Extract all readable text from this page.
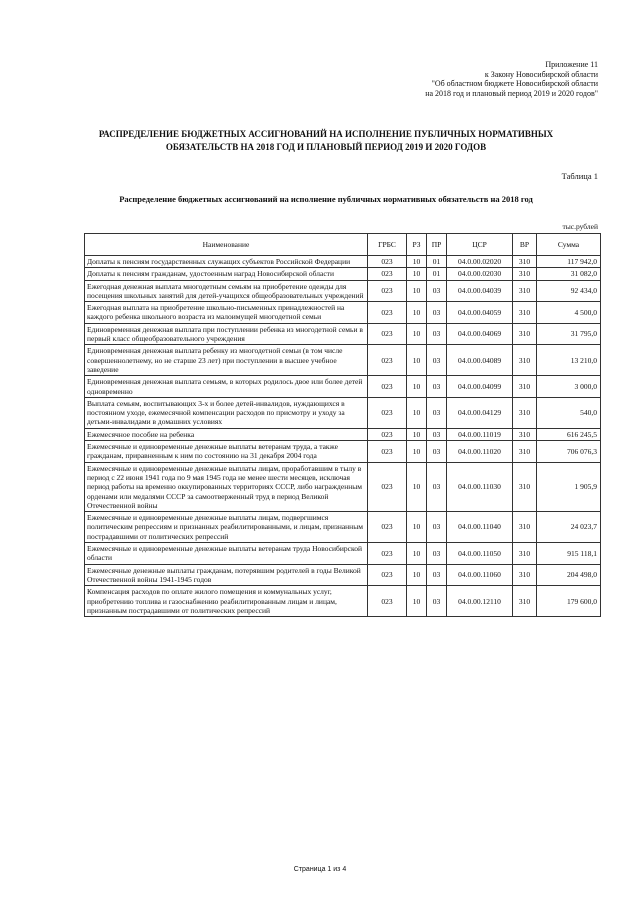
Приложение 11
к Закону Новосибирской области
"Об областном бюджете Новосибирской области
на 2018 год и плановый период 2019 и 2020 годов"
РАСПРЕДЕЛЕНИЕ БЮДЖЕТНЫХ АССИГНОВАНИЙ НА ИСПОЛНЕНИЕ ПУБЛИЧНЫХ НОРМАТИВНЫХ
ОБЯЗАТЕЛЬСТВ НА 2018 ГОД И ПЛАНОВЫЙ ПЕРИОД 2019 И 2020 ГОДОВ
Таблица 1
Распределение бюджетных ассигнований на исполнение публичных нормативных обязательств на 2018 год
тыс.рублей
Наименование	ГРБС	РЗ	ПР	ЦСР	ВР	Сумма
Доплаты к пенсиям государственных служащих субъектов Российской Федерации	023	10	01	04.0.00.02020	310	117 942,0
Доплаты к пенсиям гражданам, удостоенным наград Новосибирской области	023	10	01	04.0.00.02030	310	31 082,0
Ежегодная денежная выплата многодетным семьям на приобретение одежды для посещения школьных занятий для детей-учащихся общеобразовательных учреждений	023	10	03	04.0.00.04039	310	92 434,0
Ежегодная выплата на приобретение школьно-письменных принадлежностей на каждого ребенка школьного возраста из малоимущей многодетной семьи	023	10	03	04.0.00.04059	310	4 500,0
Единовременная денежная выплата при поступлении ребенка из многодетной семьи в первый класс общеобразовательного учреждения	023	10	03	04.0.00.04069	310	31 795,0
Единовременная денежная выплата ребенку из многодетной семьи (в том числе совершеннолетнему, но не старше 23 лет) при поступлении в высшее учебное заведение	023	10	03	04.0.00.04089	310	13 210,0
Единовременная денежная выплата семьям, в которых родилось двое или более детей одновременно	023	10	03	04.0.00.04099	310	3 000,0
Выплата семьям, воспитывающих 3-х и более детей-инвалидов, нуждающихся в постоянном уходе, ежемесячной компенсации расходов по присмотру и уходу за детьми-инвалидами в домашних условиях	023	10	03	04.0.00.04129	310	540,0
Ежемесячное пособие на ребенка	023	10	03	04.0.00.11019	310	616 245,5
Ежемесячные и единовременные денежные выплаты ветеранам труда, а также гражданам, приравненным к ним по состоянию на 31 декабря 2004 года	023	10	03	04.0.00.11020	310	706 076,3
Ежемесячные и единовременные денежные выплаты лицам, проработавшим в тылу в период с 22 июня 1941 года по 9 мая 1945 года не менее шести месяцев, исключая период работы на временно оккупированных территориях СССР, либо награжденным орденами или медалями СССР за самоотверженный труд в период Великой Отечественной войны	023	10	03	04.0.00.11030	310	1 905,9
Ежемесячные и единовременные денежные выплаты лицам, подвергшимся политическим репрессиям и признанных реабилитированными, и лицам, признанным пострадавшими от политических репрессий	023	10	03	04.0.00.11040	310	24 023,7
Ежемесячные и единовременные денежные выплаты ветеранам труда Новосибирской области	023	10	03	04.0.00.11050	310	915 118,1
Ежемесячные денежные выплаты гражданам, потерявшим родителей в годы Великой Отечественной войны 1941-1945 годов	023	10	03	04.0.00.11060	310	204 498,0
Компенсация расходов по оплате жилого помещения и коммунальных услуг, приобретению топлива и газоснабжению реабилитированным лицам и лицам, признанным пострадавшими от политических репрессий	023	10	03	04.0.00.12110	310	179 600,0
Страница 1 из 4
